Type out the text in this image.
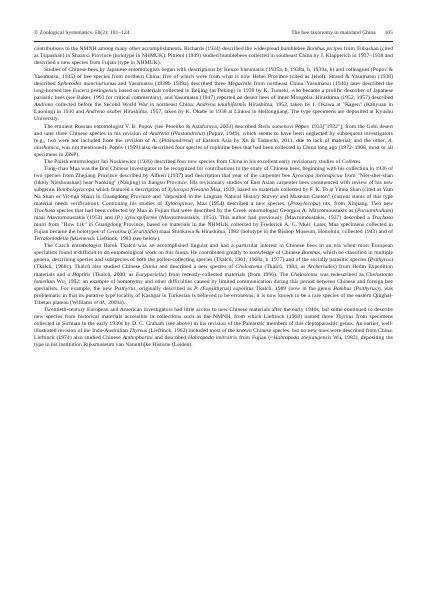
© Zoological Systematics, 50(2): 101–124	The bee taxonomy in mainland China 105

contributions to the NMNH among many other accomplishments. Richards (1934) described the widespread bumblebee Bombus picipes from Tsibashan (cited as Tsipashan) in Shaanxi Province (holotype in NHMUK). Pittioni (1949) studied bumblebees collected in southeast China by J. Klapperich in 1937–1938 and described a new species from Fujian (type in NHMUK).

Studies of Chinese bees by Japanese entomologists began with descriptions by Kenzo Yasumatsu (1935a, b, 1938a, b, 1939a, b) and colleagues (Popov & Yasumatsu, 1935) of bee species from northern China, five of which were from what is now Hebei Province (cited as Jehol). Strand & Yasumatsu (1938) described Sphecodes manchurianus and Yasumatsu (1938b 1939a) described three Megachile from northeast China. Yasumatsu (1946) later described the long-horned bee Eucera pekingensis based on materials collected in Beijing (as Peking) in 1938 by K. Tsuneki, who became a prolific describer of Japanese parasitic bees (see Baker, 1993 for critical commentary), and Yasumatsu (1947) reported on desert bees of Inner Mongolia. Hirashima (1952, 1957) described Andrena collected before the Second World War in northeast China: Andrena knuthiformis Hirashima, 1952, taken by I. Okawa at "Kagen" (Kanyuan in Luoning) in 1936 and Andrena okabei Hirashima, 1957, taken by K. Okabe in 1938 at Linkou in Heilongjiang. The type specimens are deposited at Kyushu University.

The eminent Russian entomologist V. B. Popov (see Pesenko & Astafurova, 2003) described Stelis samenovi Popov 1933["1932"], from the Gobi desert and later three Chinese species in his revision of Andrena (Plastandrena) (Popov, 1949), which seems to have been neglected by subsequent investigators (e.g., two were not included from the revision of A. (Plastandrena) of Eastern Asia by Xu & Tadauchi, 2011, due to lack of material, and the other, A. alashanica, was not mentioned). Popov (1959) also described four species of rophitine bees that had been collected in China long ago (1872–1908, most or all specimens in ZISP).

The Polish entomologist Jan Noskiewicz (1936) described four new species from China in his excellent early revisionary studies of Colletes.

Tung-chao Maa was the first Chinese investigator to be recognized for contributions to the study of Chinese bees, beginning with his collection in 1936 of two species from Zhejiang Province described by Alfken (1937) and description that year of the carpenter bee Xylocopa inconspicua from "Nier-sher-shan (likely Nieshoushan) near Nanking" (Nanjing) in Jiangsu Province. His revisionary studies of East Asian carpenter bees commenced with review of his new subgenus Bomboixylocopa which featured a description of Xylocopa friesana Maa, 1939, based on materials collected by F. K. To at Yinna Shan (cited as Yam Na Shan or Yit-nga Shan) in Guangdong Province and "deposited in the Lingnan Natural History Survey and Museum Canton" (current status of this type material needs verification). Continuing his studies of Xylocopinae, Maa (1954) described a new species, (Proxylocopa) ntx, from Xinjiang. Two new Trachusa species that had been collected by Maa in Fujian that were described by the Greek entomologist Georgios A. Mavromoustakis as (Paraanthidium) maai Mavromoustakis (1953) and (P.) xylocopiforme (Mavromoustakis, 1954). This author had previously (Mavromoustakis, 1937) described a Trachusa muiri from "How Lik" in Guangdong Province, based on materials in the NHMUK collected by Frederick A. G. Muir. Later, Maa specimens collected in Fujian became the holotypes of Ceratina (Ceratinidia) maai Shiokawa & Hirashima, 1982 (holotype in the Bishop Museum, Honolulu, collected 1943) and of Tetraloniodella fukienensis Lieftinck, 1983 (see below).

The Czech entomologist Borek Tkalců was an accomplished linguist and had a particular interest in Chinese bees in an era when most European specialists found it difficult to do entomological work on this fauna. He contributed greatly to knowledge of Chinese Bombus, which he classified in multiple genera, describing species and subspecies of both the pollen-collecting species (Tkalců, 1961, 1968a, b, 1977) and of the socially parasitic species (Psithyrus) (Tkalců, 1968c). Tkalců also studied Chinese Osmia and described a new species of Chelostoma (Tkalců, 1984, as Archeriades) from Hedin Expedition materials and a Hoplitis (Tkalců, 2000, as Eurypariella) from recently-collected materials (from 1996). The Chelostoma was redescribed as Chelostoma lamellum Wu, 1992; an example of homonymy and other difficulties caused by limited communication during this period between Chinese and foreign bee specialists. For example, the new Psithyrus, originally described as P. (Eopsithyrus) expolitus Tkalců, 1989 (now in the genus Bombus (Psithyrus)), was problematic in that its putative type locality of Kashgar in Turkestan is believed to be erroneous; it is now known to be a rare species of the eastern Qinghai-Tibetan plateau (Williams et al., 2009a).

Twentieth-century European and American investigators had little access to new Chinese materials after the early 1940s, but some continued to describe new species from historical materials accessible in collections such as the NMNH, from which Lieftinck (1968) named three Thyreus from specimens collected in Sichuan in the early 1930s by D. C. Graham (see above) in his revision of the Palearctic members of this cleptoparasitic genus. An earlier, well-illustrated revision of the Indo-Australian Thyreus (Lieftinck, 1962) included most of the known Chinese species, but no new ones were described from China. Lieftinck (1974) also studied Chinese Anthophorini and described Habropoda imitratrix from Fujian (=Habropoda zhejiangensis Wu, 1983), depositing the type in his institution Rijksmuseum van Natuurlijke Historie (Leiden).
